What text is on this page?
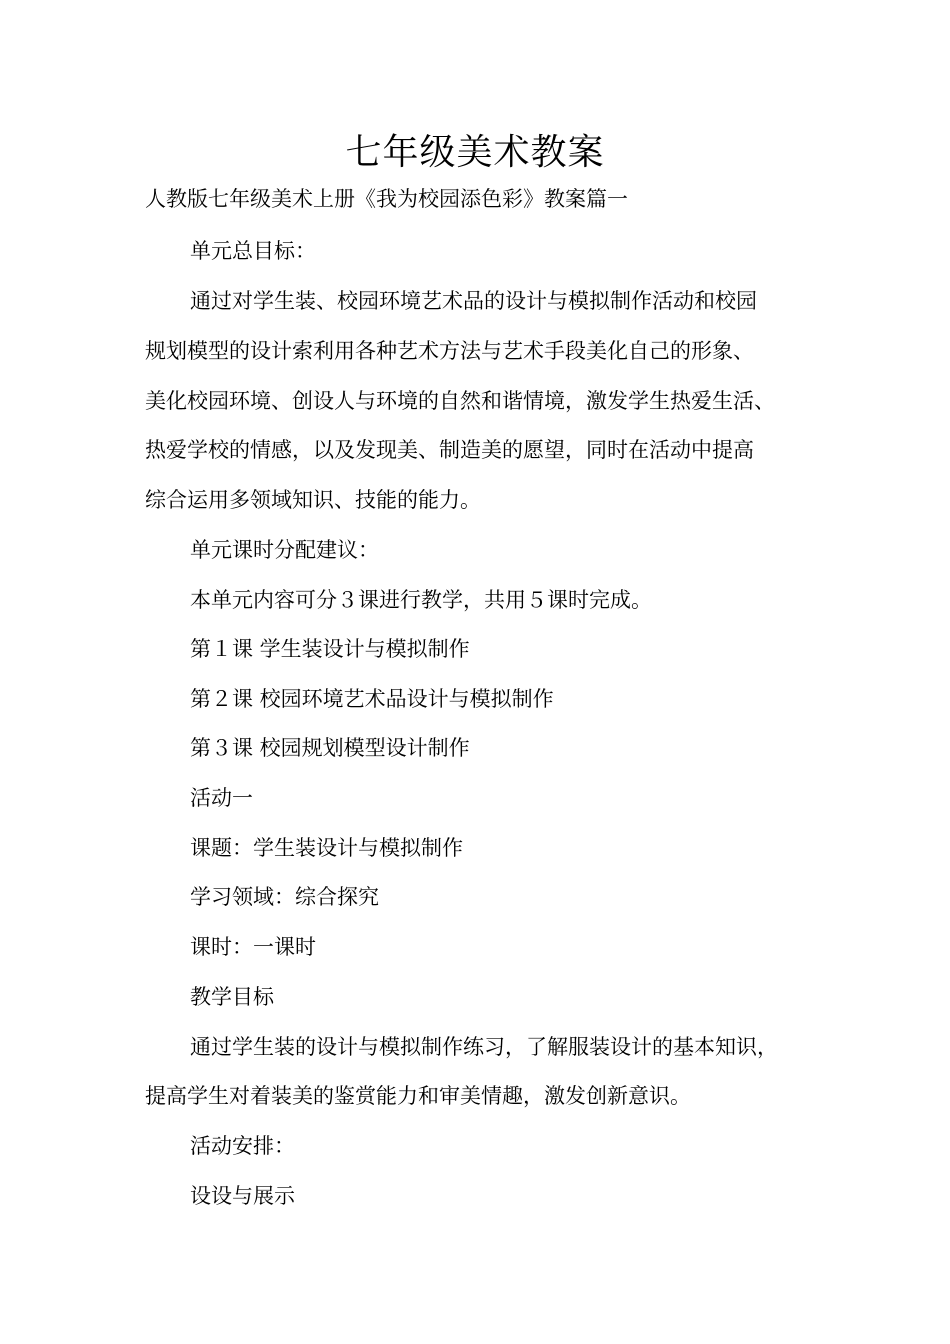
七年级美术教案

人教版七年级美术上册《我为校园添色彩》教案篇一

单元总目标：

通过对学生装、校园环境艺术品的设计与模拟制作活动和校园

规划模型的设计索利用各种艺术方法与艺术手段美化自己的形象、

美化校园环境、创设人与环境的自然和谐情境，激发学生热爱生活、

热爱学校的情感，以及发现美、制造美的愿望，同时在活动中提高

综合运用多领域知识、技能的能力。

单元课时分配建议：

本单元内容可分３课进行教学，共用５课时完成。

第１课 学生装设计与模拟制作

第２课 校园环境艺术品设计与模拟制作

第３课 校园规划模型设计制作

活动一

课题：学生装设计与模拟制作

学习领域：综合探究

课时：一课时

教学目标

通过学生装的设计与模拟制作练习，了解服装设计的基本知识，

提高学生对着装美的鉴赏能力和审美情趣，激发创新意识。

活动安排：

设设与展示
